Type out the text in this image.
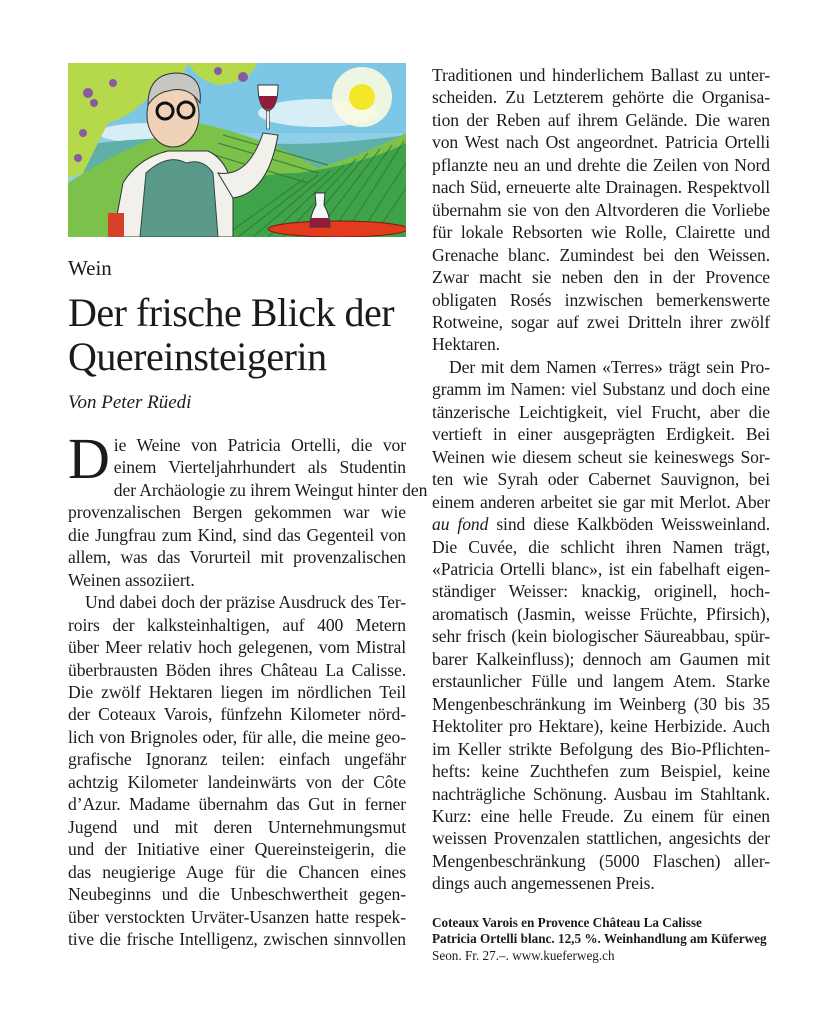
Wein
Der frische Blick der
Quereinsteigerin
Von Peter Rüedi
D ie Weine von Patricia Ortelli, die vor
einem Vierteljahrhundert als Studentin
der Archäologie zu ihrem Weingut hinter den
provenzalischen Bergen gekommen war wie
die Jungfrau zum Kind, sind das Gegenteil von
allem, was das Vorurteil mit provenzalischen
Weinen assoziiert.
Und dabei doch der präzise Ausdruck des Ter-
roirs der kalksteinhaltigen, auf 400 Metern
über Meer relativ hoch gelegenen, vom Mistral
überbrausten Böden ihres Château La Calisse.
Die zwölf Hektaren liegen im nördlichen Teil
der Coteaux Varois, fünfzehn Kilometer nörd-
lich von Brignoles oder, für alle, die meine geo-
grafische Ignoranz teilen: einfach ungefähr
achtzig Kilometer landeinwärts von der Côte
d’Azur. Madame übernahm das Gut in ferner
Jugend und mit deren Unternehmungsmut
und der Initiative einer Quereinsteigerin, die
das neugierige Auge für die Chancen eines
Neubeginns und die Unbeschwertheit gegen-
über verstockten Urväter-Usanzen hatte respek-
tive die frische Intelligenz, zwischen sinnvollen
Traditionen und hinderlichem Ballast zu unter-
scheiden. Zu Letzterem gehörte die Organisa-
tion der Reben auf ihrem Gelände. Die waren
von West nach Ost angeordnet. Patricia Ortelli
pflanzte neu an und drehte die Zeilen von Nord
nach Süd, erneuerte alte Drainagen. Respektvoll
übernahm sie von den Altvorderen die Vorliebe
für lokale Rebsorten wie Rolle, Clairette und
Grenache blanc. Zumindest bei den Weissen.
Zwar macht sie neben den in der Provence
obligaten Rosés inzwischen bemerkenswerte
Rotweine, sogar auf zwei Dritteln ihrer zwölf
Hektaren.
Der mit dem Namen «Terres» trägt sein Pro-
gramm im Namen: viel Substanz und doch eine
tänzerische Leichtigkeit, viel Frucht, aber die
vertieft in einer ausgeprägten Erdigkeit. Bei
Weinen wie diesem scheut sie keineswegs Sor-
ten wie Syrah oder Cabernet Sauvignon, bei
einem anderen arbeitet sie gar mit Merlot. Aber
au fond sind diese Kalkböden Weissweinland.
Die Cuvée, die schlicht ihren Namen trägt,
«Patricia Ortelli blanc», ist ein fabelhaft eigen-
ständiger Weisser: knackig, originell, hoch-
aromatisch (Jasmin, weisse Früchte, Pfirsich),
sehr frisch (kein biologischer Säureabbau, spür-
barer Kalkeinfluss); dennoch am Gaumen mit
erstaunlicher Fülle und langem Atem. Starke
Mengenbeschränkung im Weinberg (30 bis 35
Hektoliter pro Hektare), keine Herbizide. Auch
im Keller strikte Befolgung des Bio-Pflichten-
hefts: keine Zuchthefen zum Beispiel, keine
nachträgliche Schönung. Ausbau im Stahltank.
Kurz: eine helle Freude. Zu einem für einen
weissen Provenzalen stattlichen, angesichts der
Mengenbeschränkung (5000 Flaschen) aller-
dings auch angemessenen Preis.
Coteaux Varois en Provence Château La Calisse
Patricia Ortelli blanc. 12,5 %. Weinhandlung am Küferweg
Seon. Fr. 27.–. www.kueferweg.ch
